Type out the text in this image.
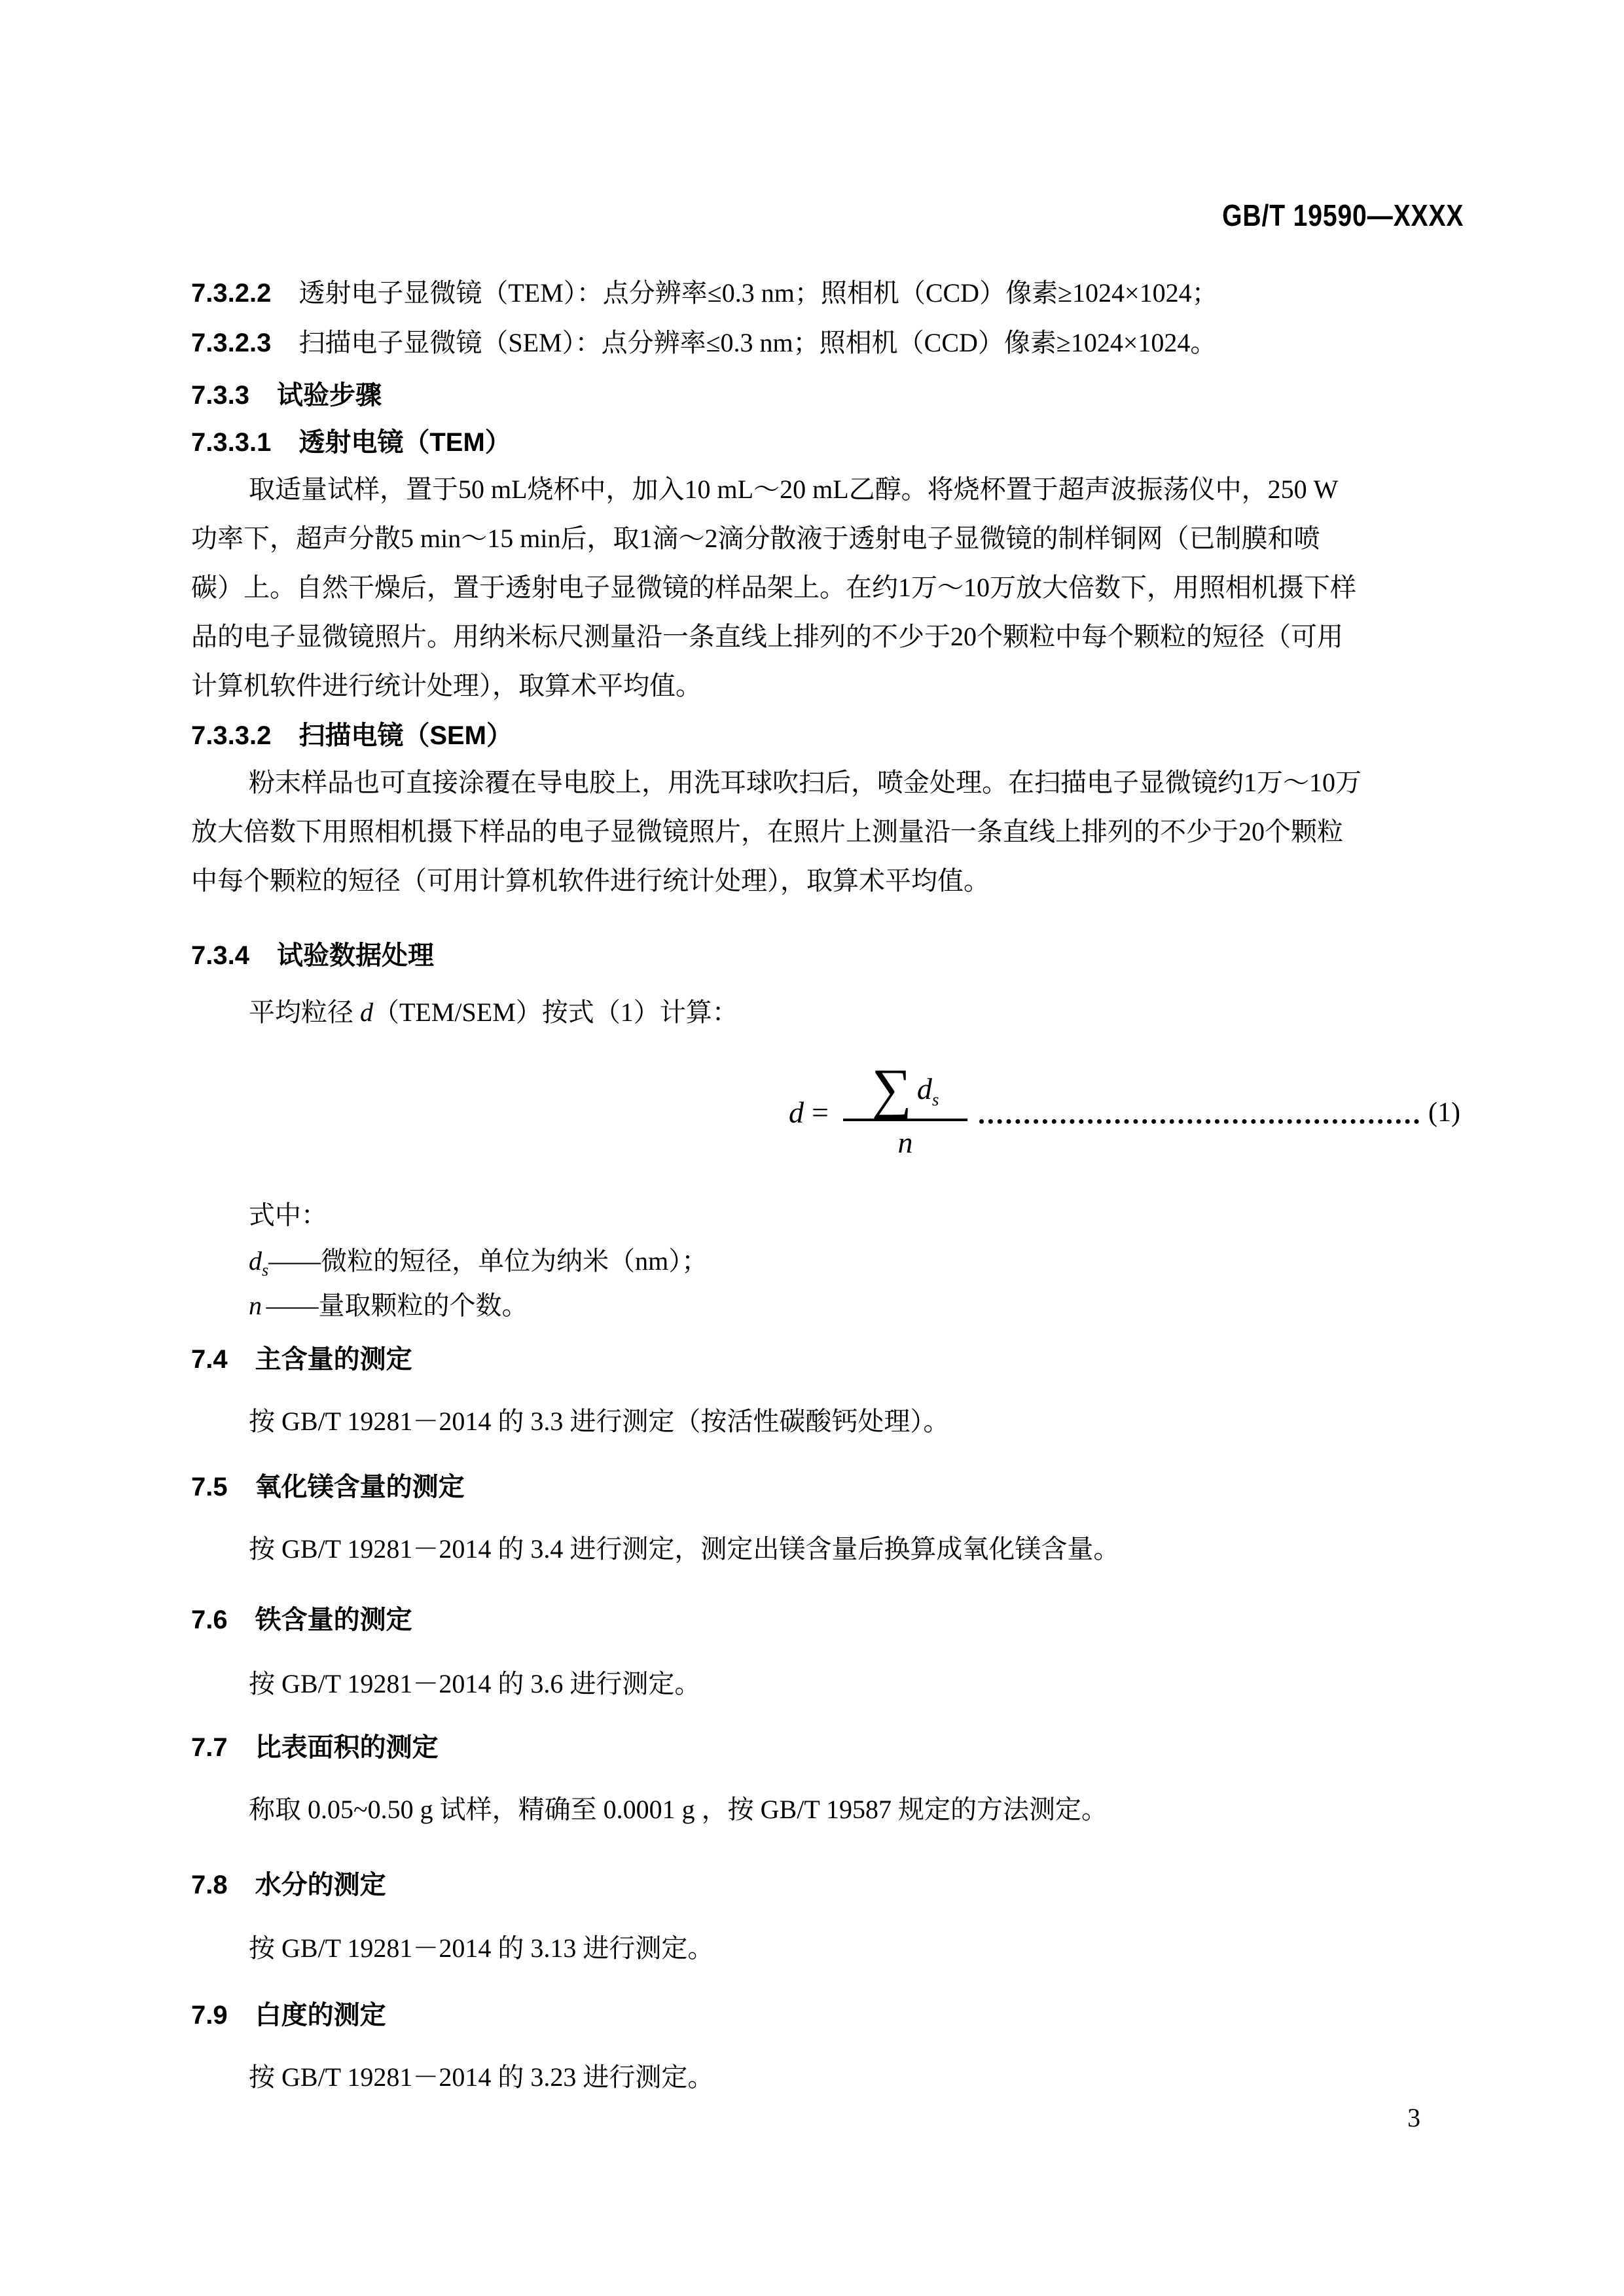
GB/T 19590—XXXX
7.3.2.2 透射电子显微镜（TEM）：点分辨率≤0.3 nm；照相机（CCD）像素≥1024×1024；
7.3.2.3 扫描电子显微镜（SEM）：点分辨率≤0.3 nm；照相机（CCD）像素≥1024×1024。
7.3.3 试验步骤
7.3.3.1 透射电镜（TEM）
取适量试样，置于50 mL烧杯中，加入10 mL～20 mL乙醇。将烧杯置于超声波振荡仪中，250 W
功率下，超声分散5 min～15 min后，取1滴～2滴分散液于透射电子显微镜的制样铜网（已制膜和喷
碳）上。自然干燥后，置于透射电子显微镜的样品架上。在约1万～10万放大倍数下，用照相机摄下样
品的电子显微镜照片。用纳米标尺测量沿一条直线上排列的不少于20个颗粒中每个颗粒的短径（可用
计算机软件进行统计处理），取算术平均值。
7.3.3.2 扫描电镜（SEM）
粉末样品也可直接涂覆在导电胶上，用洗耳球吹扫后，喷金处理。在扫描电子显微镜约1万～10万
放大倍数下用照相机摄下样品的电子显微镜照片，在照片上测量沿一条直线上排列的不少于20个颗粒
中每个颗粒的短径（可用计算机软件进行统计处理），取算术平均值。
7.3.4 试验数据处理
平均粒径 d（TEM/SEM）按式（1）计算：
$d = \frac{\sum d_s}{n}$	(1)
式中：
$d_s——$微粒的短径，单位为纳米（nm）；
n ——量取颗粒的个数。
7.4 主含量的测定
按 GB/T 19281－2014 的 3.3 进行测定（按活性碳酸钙处理）。
7.5 氧化镁含量的测定
按 GB/T 19281－2014 的 3.4 进行测定，测定出镁含量后换算成氧化镁含量。
7.6 铁含量的测定
按 GB/T 19281－2014 的 3.6 进行测定。
7.7 比表面积的测定
称取 0.05~0.50 g 试样，精确至 0.0001 g ，按 GB/T 19587 规定的方法测定。
7.8 水分的测定
按 GB/T 19281－2014 的 3.13 进行测定。
7.9 白度的测定
按 GB/T 19281－2014 的 3.23 进行测定。
3
